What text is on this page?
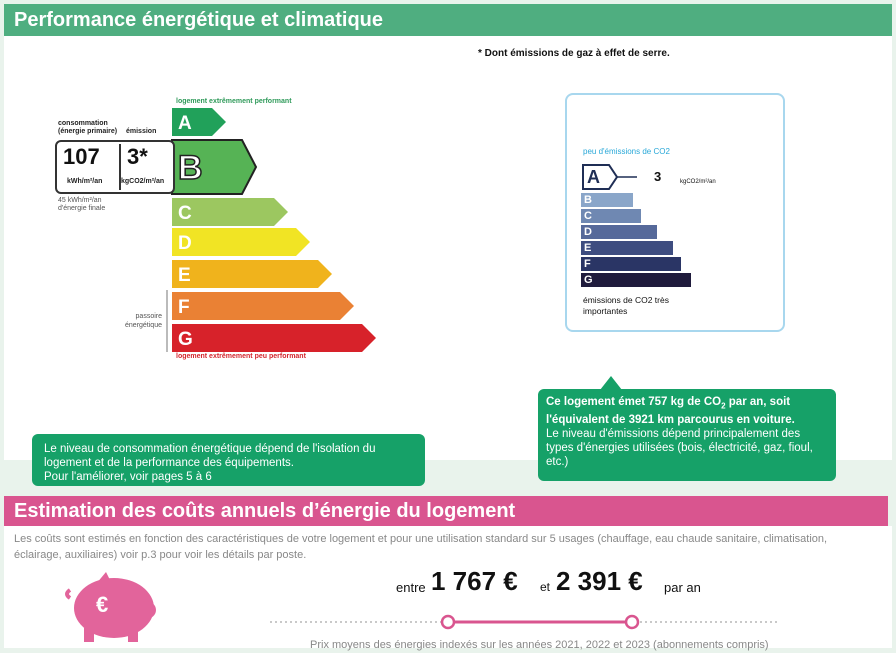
Performance énergétique et climatique
* Dont émissions de gaz à effet de serre.
logement extrêmement performant
A
B
C
D
E
F
G
logement extrêmement peu performant
consommation (énergie primaire)	émission
107 3*
kWh/m²/an	kgCO2/m²/an
45 kWh/m²/an d'énergie finale
passoire énergétique
Le niveau de consommation énergétique dépend de l'isolation du logement et de la performance des équipements.
Pour l'améliorer, voir pages 5 à 6
peu d'émissions de CO2
A	3	kgCO2/m²/an
B
C
D
E
F
G
émissions de CO2 très importantes
Ce logement émet 757 kg de $CO_2$ par an, soit l'équivalent de 3921 km parcourus en voiture.
Le niveau d'émissions dépend principalement des types d'énergies utilisées (bois, électricité, gaz, fioul, etc.)
Estimation des coûts annuels d’énergie du logement
Les coûts sont estimés en fonction des caractéristiques de votre logement et pour une utilisation standard sur 5 usages (chauffage, eau chaude sanitaire, climatisation, éclairage, auxiliaires) voir p.3 pour voir les détails par poste.
€
entre 1 767 € et 2 391 € par an
Prix moyens des énergies indexés sur les années 2021, 2022 et 2023 (abonnements compris)
